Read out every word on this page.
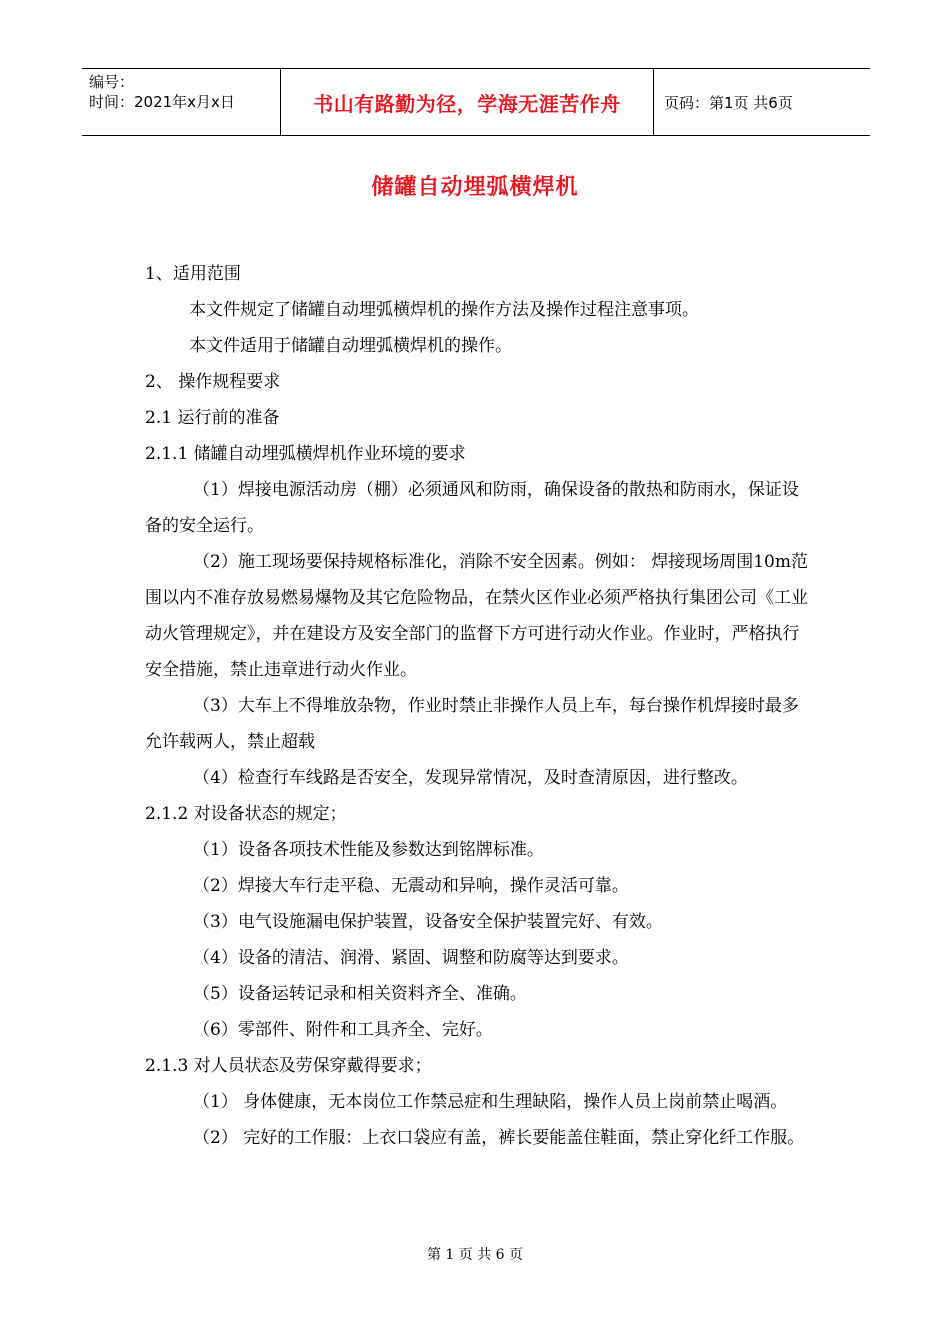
编号：
时间：2021年x月x日	书山有路勤为径，学海无涯苦作舟	页码：第1页 共6页
储罐自动埋弧横焊机

1、适用范围

本文件规定了储罐自动埋弧横焊机的操作方法及操作过程注意事项。

本文件适用于储罐自动埋弧横焊机的操作。

2、 操作规程要求

2.1 运行前的准备

2.1.1 储罐自动埋弧横焊机作业环境的要求

（1）焊接电源活动房（棚）必须通风和防雨，确保设备的散热和防雨水，保证设备的安全运行。

（2）施工现场要保持规格标准化，消除不安全因素。例如： 焊接现场周围10m范围以内不准存放易燃易爆物及其它危险物品，在禁火区作业必须严格执行集团公司《工业动火管理规定》，并在建设方及安全部门的监督下方可进行动火作业。作业时，严格执行安全措施，禁止违章进行动火作业。

（3）大车上不得堆放杂物，作业时禁止非操作人员上车，每台操作机焊接时最多允许载两人，禁止超载

（4）检查行车线路是否安全，发现异常情况，及时查清原因，进行整改。

2.1.2 对设备状态的规定；

（1）设备各项技术性能及参数达到铭牌标准。

（2）焊接大车行走平稳、无震动和异响，操作灵活可靠。

（3）电气设施漏电保护装置，设备安全保护装置完好、有效。

（4）设备的清洁、润滑、紧固、调整和防腐等达到要求。

（5）设备运转记录和相关资料齐全、准确。

（6）零部件、附件和工具齐全、完好。

2.1.3 对人员状态及劳保穿戴得要求；

（1） 身体健康，无本岗位工作禁忌症和生理缺陷，操作人员上岗前禁止喝酒。

（2） 完好的工作服：上衣口袋应有盖，裤长要能盖住鞋面，禁止穿化纤工作服。

第 1 页 共 6 页
